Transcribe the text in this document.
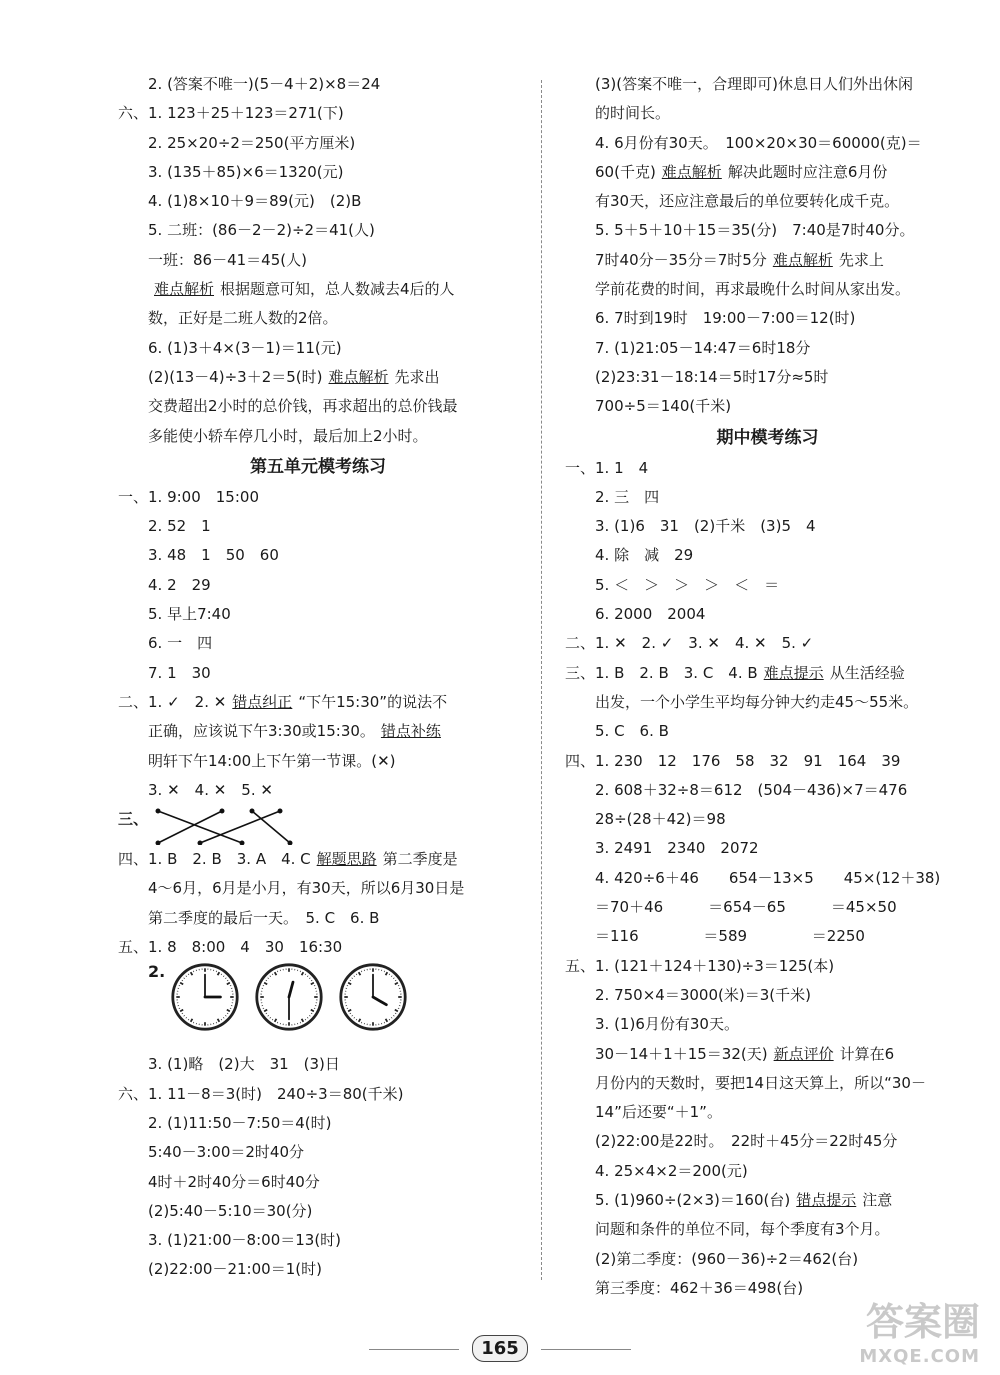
2. (答案不唯一)(5－4＋2)×8＝24
六、1. 123＋25＋123＝271(下)
2. 25×20÷2＝250(平方厘米)
3. (135＋85)×6＝1320(元)
4. (1)8×10＋9＝89(元)　(2)B
5. 二班：(86－2－2)÷2＝41(人)
一班：86－41＝45(人)
难点解析 根据题意可知，总人数减去4后的人
数，正好是二班人数的2倍。
6. (1)3＋4×(3－1)＝11(元)
(2)(13－4)÷3＋2＝5(时) 难点解析 先求出
交费超出2小时的总价钱，再求超出的总价钱最
多能使小轿车停几小时，最后加上2小时。
第五单元模考练习
一、1. 9:00　15:00
2. 52　1
3. 48　1　50　60
4. 2　29
5. 早上7:40
6. 一　四
7. 1　30
二、1. ✓　2. ✕ 错点纠正 “下午15:30”的说法不
正确，应该说下午3:30或15:30。 错点补练
明轩下午14:00上下午第一节课。(✕)
3. ✕　4. ✕　5. ✕
三、
四、1. B　2. B　3. A　4. C 解题思路 第二季度是
4～6月，6月是小月，有30天，所以6月30日是
第二季度的最后一天。　5. C　6. B
五、1. 8　8:00　4　30　16:30
2.
3. (1)略　(2)大　31　(3)日
六、1. 11－8＝3(时)　240÷3＝80(千米)
2. (1)11:50－7:50＝4(时)
5:40－3:00＝2时40分
4时＋2时40分＝6时40分
(2)5:40－5:10＝30(分)
3. (1)21:00－8:00＝13(时)
(2)22:00－21:00＝1(时)
(3)(答案不唯一，合理即可)休息日人们外出休闲
的时间长。
4. 6月份有30天。　100×20×30＝60000(克)＝
60(千克) 难点解析 解决此题时应注意6月份
有30天，还应注意最后的单位要转化成千克。
5. 5＋5＋10＋15＝35(分)　7:40是7时40分。
7时40分－35分＝7时5分 难点解析 先求上
学前花费的时间，再求最晚什么时间从家出发。
6. 7时到19时　19:00－7:00＝12(时)
7. (1)21:05－14:47＝6时18分
(2)23:31－18:14＝5时17分≈5时
700÷5＝140(千米)
期中模考练习
一、1. 1　4
2. 三　四
3. (1)6　31　(2)千米　(3)5　4
4. 除　减　29
5. ＜　＞　＞　＞　＜　＝
6. 2000　2004
二、1. ✕　2. ✓　3. ✕　4. ✕　5. ✓
三、1. B　2. B　3. C　4. B 难点提示 从生活经验
出发，一个小学生平均每分钟大约走45～55米。
5. C　6. B
四、1. 230　12　176　58　32　91　164　39
2. 608＋32÷8＝612　(504－436)×7＝476
28÷(28＋42)＝98
3. 2491　2340　2072
4. 420÷6＋46　　654－13×5　　45×(12＋38)
＝70＋46　　　＝654－65　　　＝45×50
＝116　　　　 ＝589　　　　 ＝2250
五、1. (121＋124＋130)÷3＝125(本)
2. 750×4＝3000(米)＝3(千米)
3. (1)6月份有30天。
30－14＋1＋15＝32(天) 新点评价 计算在6
月份内的天数时，要把14日这天算上，所以“30－
14”后还要“＋1”。
(2)22:00是22时。　22时＋45分＝22时45分
4. 25×4×2＝200(元)
5. (1)960÷(2×3)＝160(台) 错点提示 注意
问题和条件的单位不同，每个季度有3个月。
(2)第二季度：(960－36)÷2＝462(台)
第三季度：462＋36＝498(台)
165
答案圈
MXQE.COM
